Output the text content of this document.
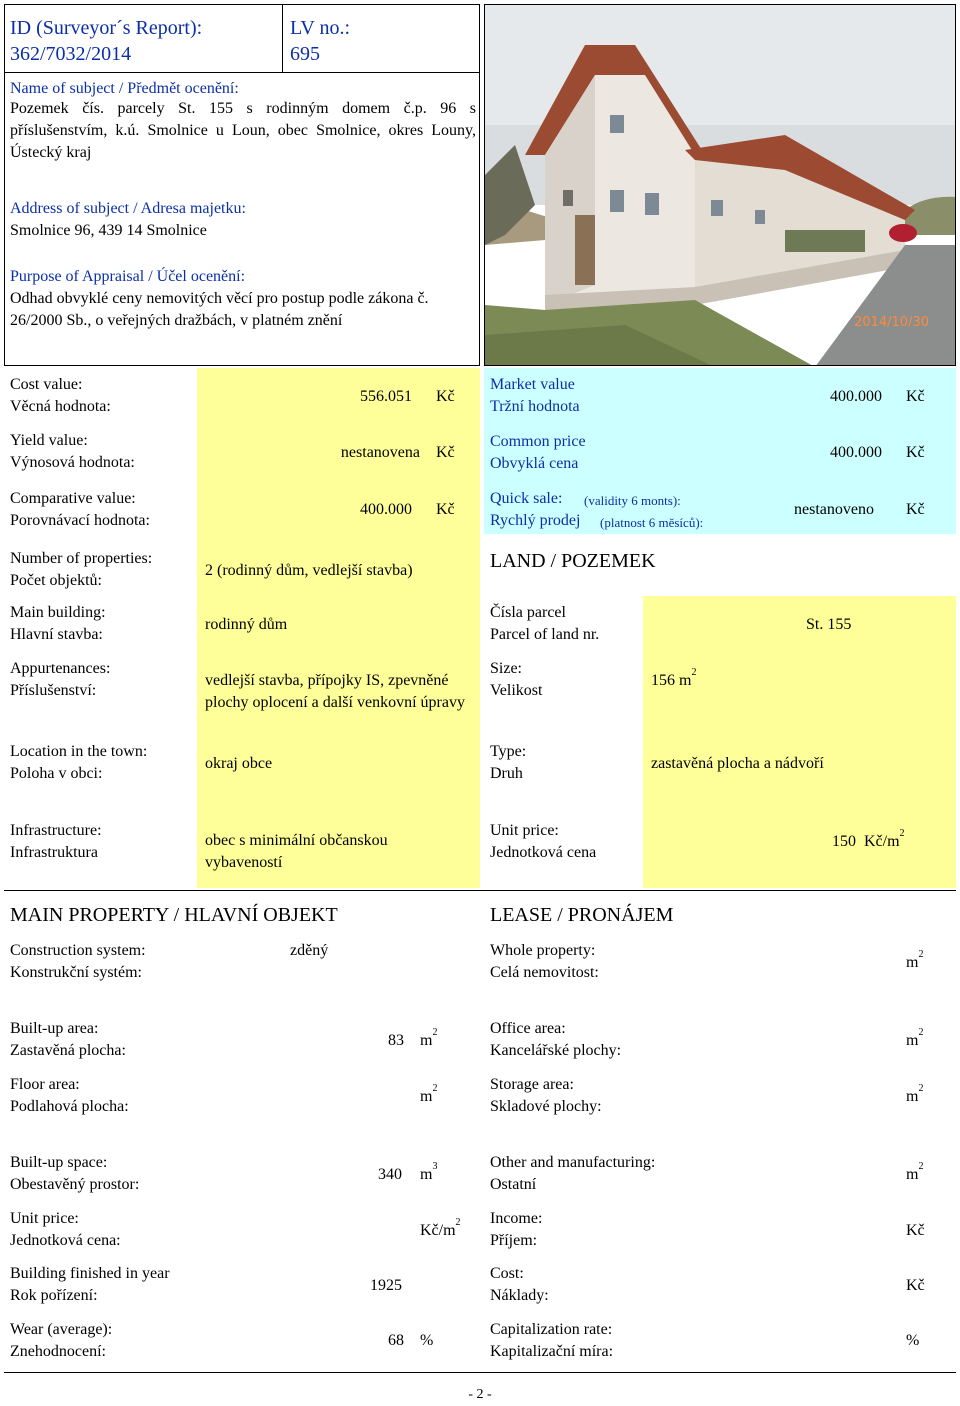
ID (Surveyor´s Report):
362/7032/2014
LV no.:
695
Name of subject / Předmět ocenění:
Pozemek čís. parcely St. 155 s rodinným domem č.p. 96 s příslušenstvím, k.ú. Smolnice u Loun, obec Smolnice, okres Louny, Ústecký kraj
Address of subject / Adresa majetku:
Smolnice 96, 439 14 Smolnice
Purpose of Appraisal / Účel ocenění:
Odhad obvyklé ceny nemovitých věcí pro postup podle zákona č. 26/2000 Sb., o veřejných dražbách, v platném znění	2014/10/30
Cost value:
Věcná hodnota:
556.051 Kč
Yield value:
Výnosová hodnota:
nestanovena Kč
Comparative value:
Porovnávací hodnota:
400.000 Kč
Market value
Tržní hodnota
400.000 Kč
Common price
Obvyklá cena
400.000 Kč
Quick sale: (validity 6 monts):
Rychlý prodej (platnost 6 měsíců):
nestanoveno Kč
Number of properties:
Počet objektů:
2 (rodinný dům, vedlejší stavba)
Main building:
Hlavní stavba:
rodinný dům
Appurtenances:
Příslušenství:
vedlejší stavba, přípojky IS, zpevněné plochy oplocení a další venkovní úpravy
Location in the town:
Poloha v obci:
okraj obce
Infrastructure:
Infrastruktura
obec s minimální občanskou vybaveností
LAND / POZEMEK
Čísla parcel
Parcel of land nr.
St. 155
Size:
Velikost
156 $m^2$
Type:
Druh
zastavěná plocha a nádvoří
Unit price:
Jednotková cena
150 $Kč/m^2$
MAIN PROPERTY / HLAVNÍ OBJEKT
Construction system:
Konstrukční systém:
zděný
Built-up area:
Zastavěná plocha:
83 $m^2$
Floor area:
Podlahová plocha:
$m^2$
Built-up space:
Obestavěný prostor:
340 $m^3$
Unit price:
Jednotková cena:
$Kč/m^2$
Building finished in year
Rok pořízení:
1925
Wear (average):
Znehodnocení:
68 %
LEASE / PRONÁJEM
Whole property:
Celá nemovitost:
$m^2$
Office area:
Kancelářské plochy:
$m^2$
Storage area:
Skladové plochy:
$m^2$
Other and manufacturing:
Ostatní
$m^2$
Income:
Příjem:
Kč
Cost:
Náklady:
Kč
Capitalization rate:
Kapitalizační míra:
%
- 2 -
